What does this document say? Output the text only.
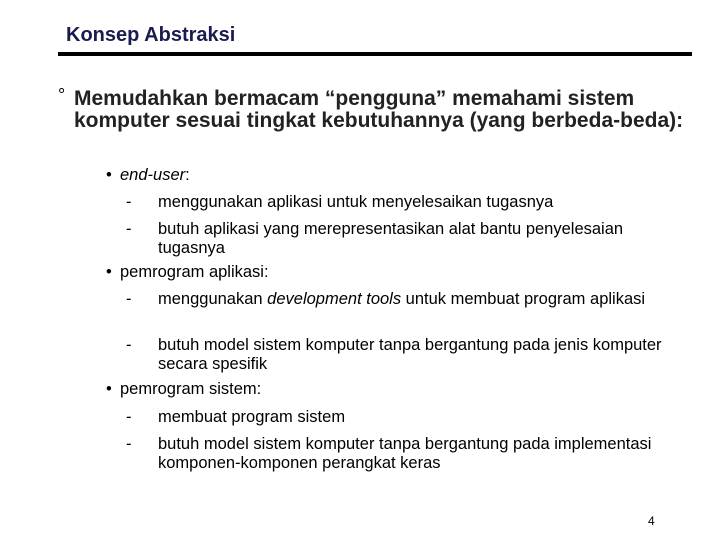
Konsep Abstraksi
° Memudahkan bermacam “pengguna” memahami sistem komputer sesuai tingkat kebutuhannya (yang berbeda-beda):
• end-user:
- menggunakan aplikasi untuk menyelesaikan tugasnya
- butuh aplikasi yang merepresentasikan alat bantu penyelesaian tugasnya
• pemrogram aplikasi:
- menggunakan development tools untuk membuat program aplikasi
- butuh model sistem komputer tanpa bergantung pada jenis komputer secara spesifik
• pemrogram sistem:
- membuat program sistem
- butuh model sistem komputer tanpa bergantung pada implementasi komponen-komponen perangkat keras
4
